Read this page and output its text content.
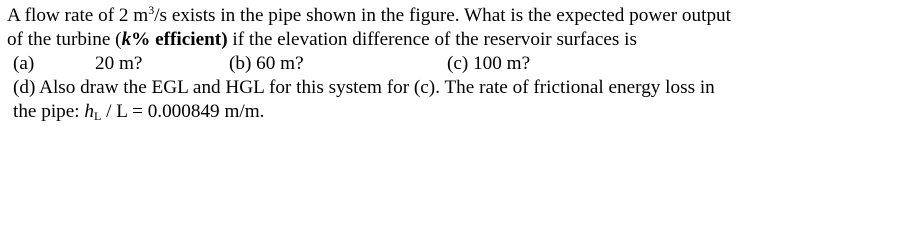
A flow rate of 2 $m^3/s$ exists in the pipe shown in the figure. What is the expected power output
of the turbine (k% efficient) if the elevation difference of the reservoir surfaces is
(a)	20 m?	(b) 60 m?	(c) 100 m?
(d) Also draw the EGL and HGL for this system for (c). The rate of frictional energy loss in
the pipe: $h_L / L = 0.000849$ m/m.
